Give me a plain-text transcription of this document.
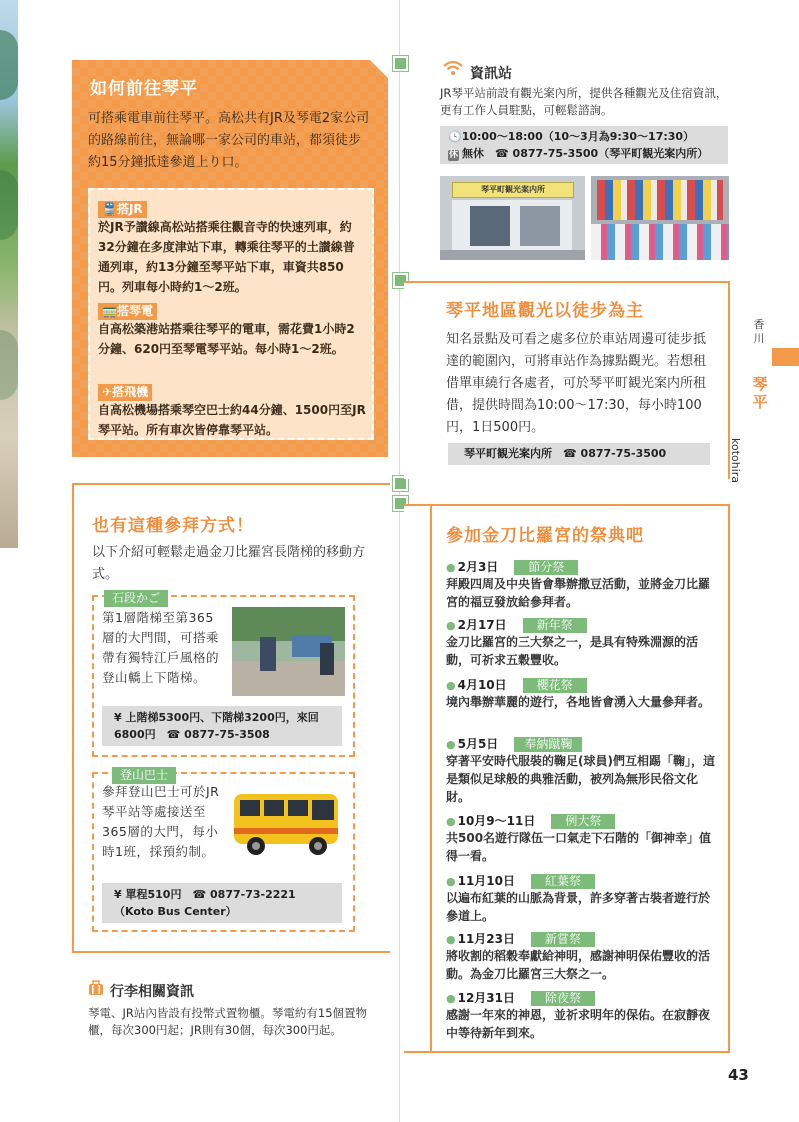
如何前往琴平
可搭乘電車前往琴平。高松共有JR及琴電2家公司的路線前往，無論哪一家公司的車站，都須徒步約15分鐘抵達參道上り口。
🚆搭JR
於JR予讃線高松站搭乘往觀音寺的快速列車，約32分鐘在多度津站下車，轉乘往琴平的土讃線普通列車，約13分鐘至琴平站下車，車資共850円。列車每小時約1〜2班。
🚃搭琴電
自高松築港站搭乘往琴平的電車，需花費1小時2分鐘、620円至琴電琴平站。每小時1〜2班。
✈搭飛機
自高松機場搭乘琴空巴士約44分鐘、1500円至JR琴平站。所有車次皆停靠琴平站。
資訊站
JR琴平站前設有觀光案內所，提供各種觀光及住宿資訊，更有工作人員駐點，可輕鬆諮詢。
🕓10:00〜18:00（10〜3月為9:30〜17:30）
休 無休　 ☎ 0877-75-3500（琴平町観光案内所）
琴平町観光案内所
琴平地區觀光以徒步為主
知名景點及可看之處多位於車站周邊可徒步抵達的範圍內，可將車站作為據點觀光。若想租借單車繞行各處者，可於琴平町観光案内所租借，提供時間為10:00〜17:30，每小時100円，1日500円。
琴平町観光案内所　 ☎ 0877-75-3500
香川
琴平
kotohira
也有這種參拜方式！
以下介紹可輕鬆走過金刀比羅宮長階梯的移動方式。
石段かご
第1層階梯至第365層的大門間，可搭乘帶有獨特江戶風格的登山轎上下階梯。
¥ 上階梯5300円、下階梯3200円，來回6800円　 ☎ 0877-75-3508
登山巴士
參拜登山巴士可於JR琴平站等處接送至365層的大門，每小時1班，採預約制。
¥ 單程510円　 ☎ 0877-73-2221
（Koto Bus Center）
參加金刀比羅宮的祭典吧
● 2月3日 節分祭
拜殿四周及中央皆會舉辦撒豆活動，並將金刀比羅宮的福豆發放給參拜者。
● 2月17日 新年祭
金刀比羅宮的三大祭之一，是具有特殊淵源的活動，可祈求五穀豐收。
● 4月10日 櫻花祭
境內舉辦華麗的遊行，各地皆會湧入大量參拜者。
● 5月5日 奉納蹴鞠
穿著平安時代服裝的鞠足(球員)們互相踢「鞠」，這是類似足球般的典雅活動，被列為無形民俗文化財。
● 10月9〜11日 例大祭
共500名遊行隊伍一口氣走下石階的「御神幸」值得一看。
● 11月10日 紅葉祭
以遍布紅葉的山脈為背景，許多穿著古裝者遊行於參道上。
● 11月23日 新嘗祭
將收割的稻穀奉獻給神明，感謝神明保佑豐收的活動。為金刀比羅宮三大祭之一。
● 12月31日 除夜祭
感謝一年來的神恩，並祈求明年的保佑。在寂靜夜中等待新年到來。
行李相關資訊
琴電、JR站內皆設有投幣式置物櫃。琴電約有15個置物櫃，每次300円起；JR則有30個，每次300円起。
43
